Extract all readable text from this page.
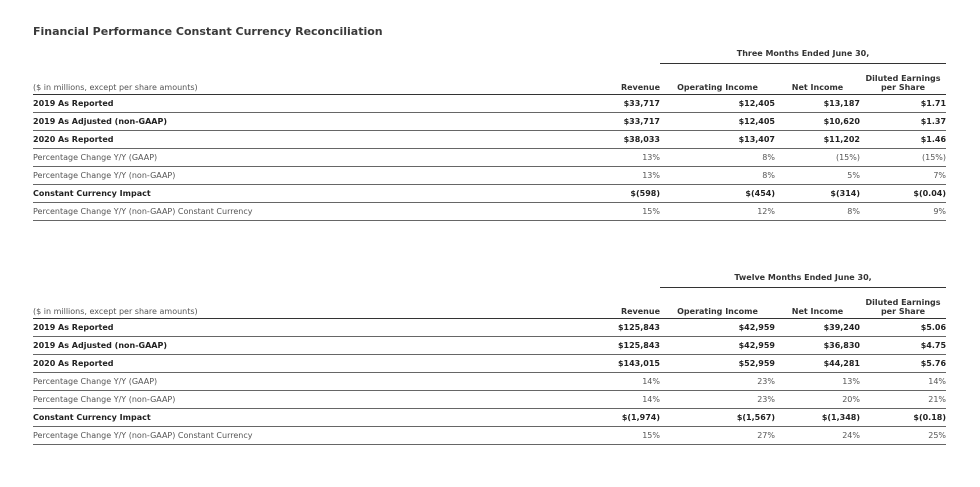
Financial Performance Constant Currency Reconciliation
		Three Months Ended June 30,		
($ in millions, except per share amounts)	Revenue	Operating Income	Net Income	Diluted Earnings per Share
2019 As Reported	$33,717	$12,405	$13,187	$1.71
2019 As Adjusted (non-GAAP)	$33,717	$12,405	$10,620	$1.37
2020 As Reported	$38,033	$13,407	$11,202	$1.46
Percentage Change Y/Y (GAAP)	13%	8%	(15%)	(15%)
Percentage Change Y/Y (non-GAAP)	13%	8%	5%	7%
Constant Currency Impact	$(598)	$(454)	$(314)	$(0.04)
Percentage Change Y/Y (non-GAAP) Constant Currency	15%	12%	8%	9%
		Twelve Months Ended June 30,		
($ in millions, except per share amounts)	Revenue	Operating Income	Net Income	Diluted Earnings per Share
2019 As Reported	$125,843	$42,959	$39,240	$5.06
2019 As Adjusted (non-GAAP)	$125,843	$42,959	$36,830	$4.75
2020 As Reported	$143,015	$52,959	$44,281	$5.76
Percentage Change Y/Y (GAAP)	14%	23%	13%	14%
Percentage Change Y/Y (non-GAAP)	14%	23%	20%	21%
Constant Currency Impact	$(1,974)	$(1,567)	$(1,348)	$(0.18)
Percentage Change Y/Y (non-GAAP) Constant Currency	15%	27%	24%	25%
